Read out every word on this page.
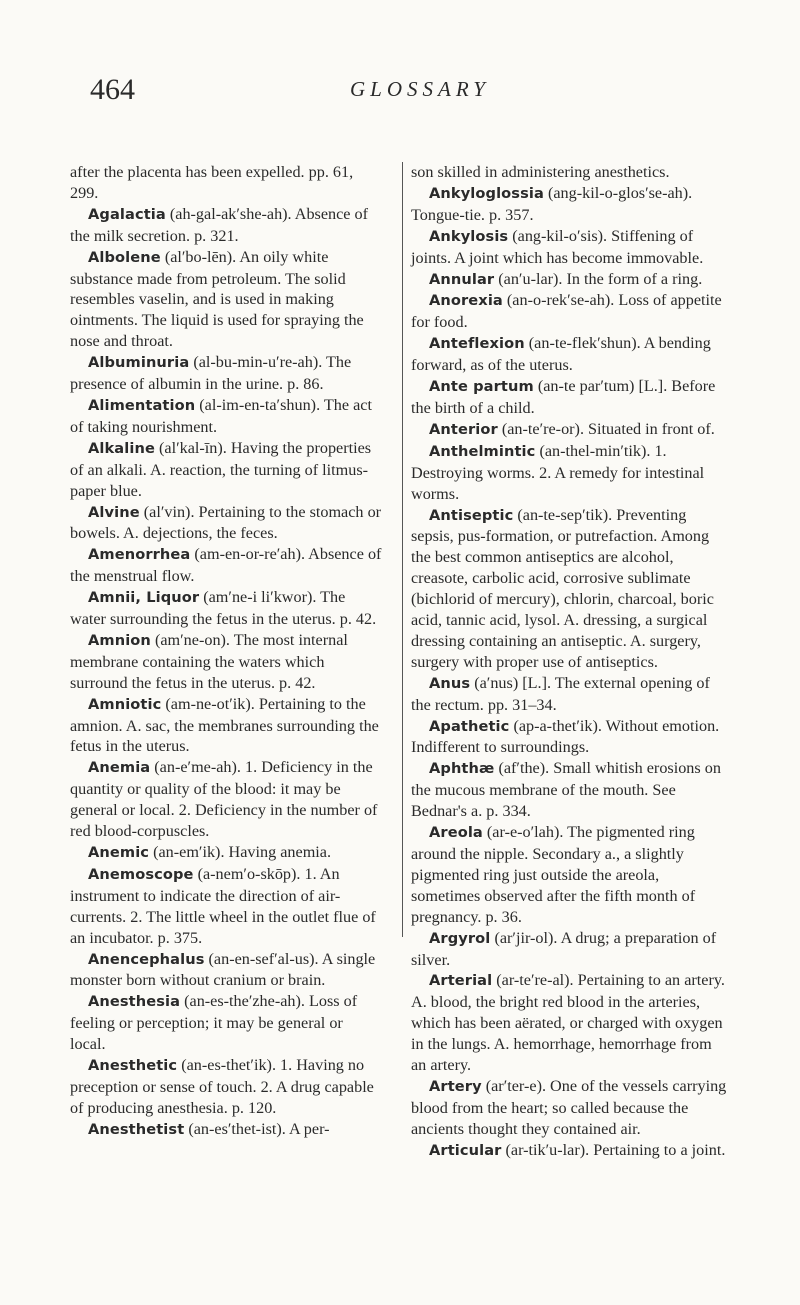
464	GLOSSARY

after the placenta has been expelled. pp. 61, 299.

Agalactia (ah-gal-ak′she-ah). Absence of the milk secretion. p. 321.

Albolene (al′bo-lēn). An oily white substance made from petroleum. The solid resembles vaselin, and is used in making ointments. The liquid is used for spraying the nose and throat.

Albuminuria (al-bu-min-u′re-ah). The presence of albumin in the urine. p. 86.

Alimentation (al-im-en-ta′shun). The act of taking nourishment.

Alkaline (al′kal-īn). Having the properties of an alkali. A. reaction, the turning of litmus-paper blue.

Alvine (al′vin). Pertaining to the stomach or bowels. A. dejections, the feces.

Amenorrhea (am-en-or-re′ah). Absence of the menstrual flow.

Amnii, Liquor (am′ne-i li′kwor). The water surrounding the fetus in the uterus. p. 42.

Amnion (am′ne-on). The most internal membrane containing the waters which surround the fetus in the uterus. p. 42.

Amniotic (am-ne-ot′ik). Pertaining to the amnion. A. sac, the membranes surrounding the fetus in the uterus.

Anemia (an-e′me-ah). 1. Deficiency in the quantity or quality of the blood: it may be general or local. 2. Deficiency in the number of red blood-corpuscles.

Anemic (an-em′ik). Having anemia.

Anemoscope (a-nem′o-skōp). 1. An instrument to indicate the direction of air-currents. 2. The little wheel in the outlet flue of an incubator. p. 375.

Anencephalus (an-en-sef′al-us). A single monster born without cranium or brain.

Anesthesia (an-es-the′zhe-ah). Loss of feeling or perception; it may be general or local.

Anesthetic (an-es-thet′ik). 1. Having no preception or sense of touch. 2. A drug capable of producing anesthesia. p. 120.

Anesthetist (an-es′thet-ist). A per-

son skilled in administering anesthetics.

Ankyloglossia (ang-kil-o-glos′se-ah). Tongue-tie. p. 357.

Ankylosis (ang-kil-o′sis). Stiffening of joints. A joint which has become immovable.

Annular (an′u-lar). In the form of a ring.

Anorexia (an-o-rek′se-ah). Loss of appetite for food.

Anteflexion (an-te-flek′shun). A bending forward, as of the uterus.

Ante partum (an-te par′tum) [L.]. Before the birth of a child.

Anterior (an-te′re-or). Situated in front of.

Anthelmintic (an-thel-min′tik). 1. Destroying worms. 2. A remedy for intestinal worms.

Antiseptic (an-te-sep′tik). Preventing sepsis, pus-formation, or putrefaction. Among the best common antiseptics are alcohol, creasote, carbolic acid, corrosive sublimate (bichlorid of mercury), chlorin, charcoal, boric acid, tannic acid, lysol. A. dressing, a surgical dressing containing an antiseptic. A. surgery, surgery with proper use of antiseptics.

Anus (a′nus) [L.]. The external opening of the rectum. pp. 31–34.

Apathetic (ap-a-thet′ik). Without emotion. Indifferent to surroundings.

Aphthæ (af′the). Small whitish erosions on the mucous membrane of the mouth. See Bednar's a. p. 334.

Areola (ar-e-o′lah). The pigmented ring around the nipple. Secondary a., a slightly pigmented ring just outside the areola, sometimes observed after the fifth month of pregnancy. p. 36.

Argyrol (ar′jir-ol). A drug; a preparation of silver.

Arterial (ar-te′re-al). Pertaining to an artery. A. blood, the bright red blood in the arteries, which has been aërated, or charged with oxygen in the lungs. A. hemorrhage, hemorrhage from an artery.

Artery (ar′ter-e). One of the vessels carrying blood from the heart; so called because the ancients thought they contained air.

Articular (ar-tik′u-lar). Pertaining to a joint.
